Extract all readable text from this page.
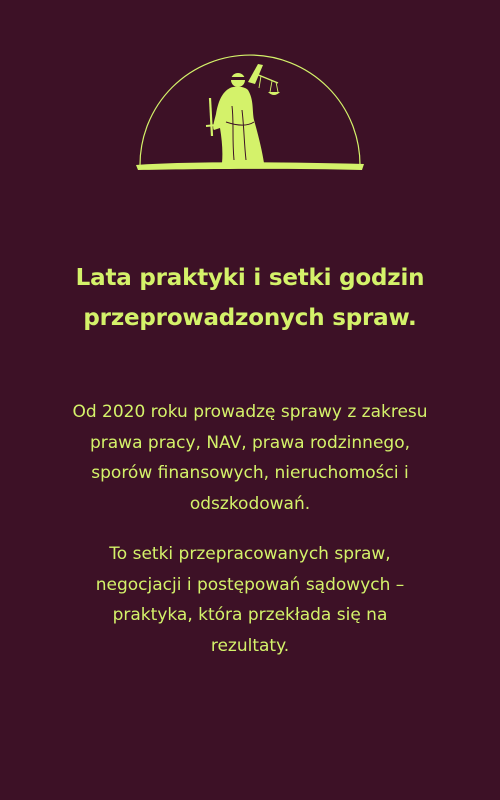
Lata praktyki i setki godzin
przeprowadzonych spraw.

Od 2020 roku prowadzę sprawy z zakresu
prawa pracy, NAV, prawa rodzinnego,
sporów finansowych, nieruchomości i
odszkodowań.

To setki przepracowanych spraw,
negocjacji i postępowań sądowych –
praktyka, która przekłada się na
rezultaty.
